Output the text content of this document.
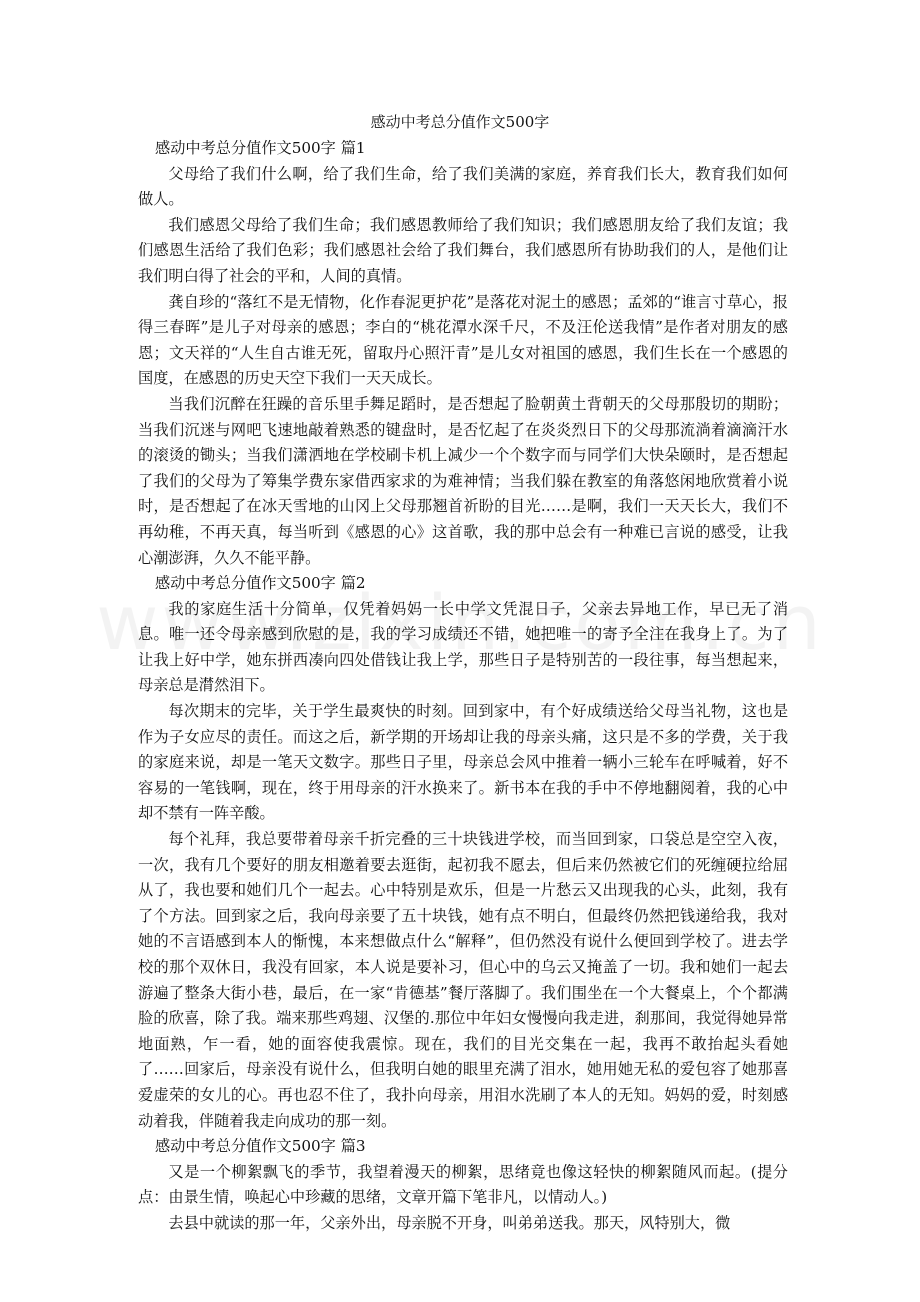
感动中考总分值作文500字

感动中考总分值作文500字 篇1

父母给了我们什么啊，给了我们生命，给了我们美满的家庭，养育我们长大，教育我们如何做人。

我们感恩父母给了我们生命；我们感恩教师给了我们知识；我们感恩朋友给了我们友谊；我们感恩生活给了我们色彩；我们感恩社会给了我们舞台，我们感恩所有协助我们的人，是他们让我们明白得了社会的平和，人间的真情。

龚自珍的“落红不是无情物，化作春泥更护花”是落花对泥土的感恩；孟郊的“谁言寸草心，报得三春晖”是儿子对母亲的感恩；李白的“桃花潭水深千尺，不及汪伦送我情”是作者对朋友的感恩；文天祥的“人生自古谁无死，留取丹心照汗青”是儿女对祖国的感恩，我们生长在一个感恩的国度，在感恩的历史天空下我们一天天成长。

当我们沉醉在狂躁的音乐里手舞足蹈时，是否想起了脸朝黄土背朝天的父母那殷切的期盼；当我们沉迷与网吧飞速地敲着熟悉的键盘时，是否忆起了在炎炎烈日下的父母那流淌着滴滴汗水的滚烫的锄头；当我们潇洒地在学校刷卡机上减少一个个数字而与同学们大快朵颐时，是否想起了我们的父母为了筹集学费东家借西家求的为难神情；当我们躲在教室的角落悠闲地欣赏着小说时，是否想起了在冰天雪地的山冈上父母那翘首祈盼的目光……是啊，我们一天天长大，我们不再幼稚，不再天真，每当听到《感恩的心》这首歌，我的那中总会有一种难已言说的感受，让我心潮澎湃，久久不能平静。

感动中考总分值作文500字 篇2

我的家庭生活十分简单，仅凭着妈妈一长中学文凭混日子，父亲去异地工作，早已无了消息。唯一还令母亲感到欣慰的是，我的学习成绩还不错，她把唯一的寄予全注在我身上了。为了让我上好中学，她东拼西凑向四处借钱让我上学，那些日子是特别苦的一段往事，每当想起来，母亲总是潸然泪下。

每次期末的完毕，关于学生最爽快的时刻。回到家中，有个好成绩送给父母当礼物，这也是作为子女应尽的责任。而这之后，新学期的开场却让我的母亲头痛，这只是不多的学费，关于我的家庭来说，却是一笔天文数字。那些日子里，母亲总会风中推着一辆小三轮车在呼喊着，好不容易的一笔钱啊，现在，终于用母亲的汗水换来了。新书本在我的手中不停地翻阅着，我的心中却不禁有一阵辛酸。

每个礼拜，我总要带着母亲千折完叠的三十块钱进学校，而当回到家，口袋总是空空入夜，一次，我有几个要好的朋友相邀着要去逛街，起初我不愿去，但后来仍然被它们的死缠硬拉给屈从了，我也要和她们几个一起去。心中特别是欢乐，但是一片愁云又出现我的心头，此刻，我有了个方法。回到家之后，我向母亲要了五十块钱，她有点不明白，但最终仍然把钱递给我，我对她的不言语感到本人的惭愧，本来想做点什么“解释”，但仍然没有说什么便回到学校了。进去学校的那个双休日，我没有回家，本人说是要补习，但心中的乌云又掩盖了一切。我和她们一起去游遍了整条大街小巷，最后，在一家“肯德基”餐厅落脚了。我们围坐在一个大餐桌上，个个都满脸的欣喜，除了我。端来那些鸡翅、汉堡的.那位中年妇女慢慢向我走进，刹那间，我觉得她异常地面熟，乍一看，她的面容使我震惊。现在，我们的目光交集在一起，我再不敢抬起头看她了……回家后，母亲没有说什么，但我明白她的眼里充满了泪水，她用她无私的爱包容了她那喜爱虚荣的女儿的心。再也忍不住了，我扑向母亲，用泪水洗刷了本人的无知。妈妈的爱，时刻感动着我，伴随着我走向成功的那一刻。

感动中考总分值作文500字 篇3

又是一个柳絮飘飞的季节，我望着漫天的柳絮，思绪竟也像这轻快的柳絮随风而起。(提分点：由景生情，唤起心中珍藏的思绪，文章开篇下笔非凡，以情动人。)

去县中就读的那一年，父亲外出，母亲脱不开身，叫弟弟送我。那天，风特别大，微
